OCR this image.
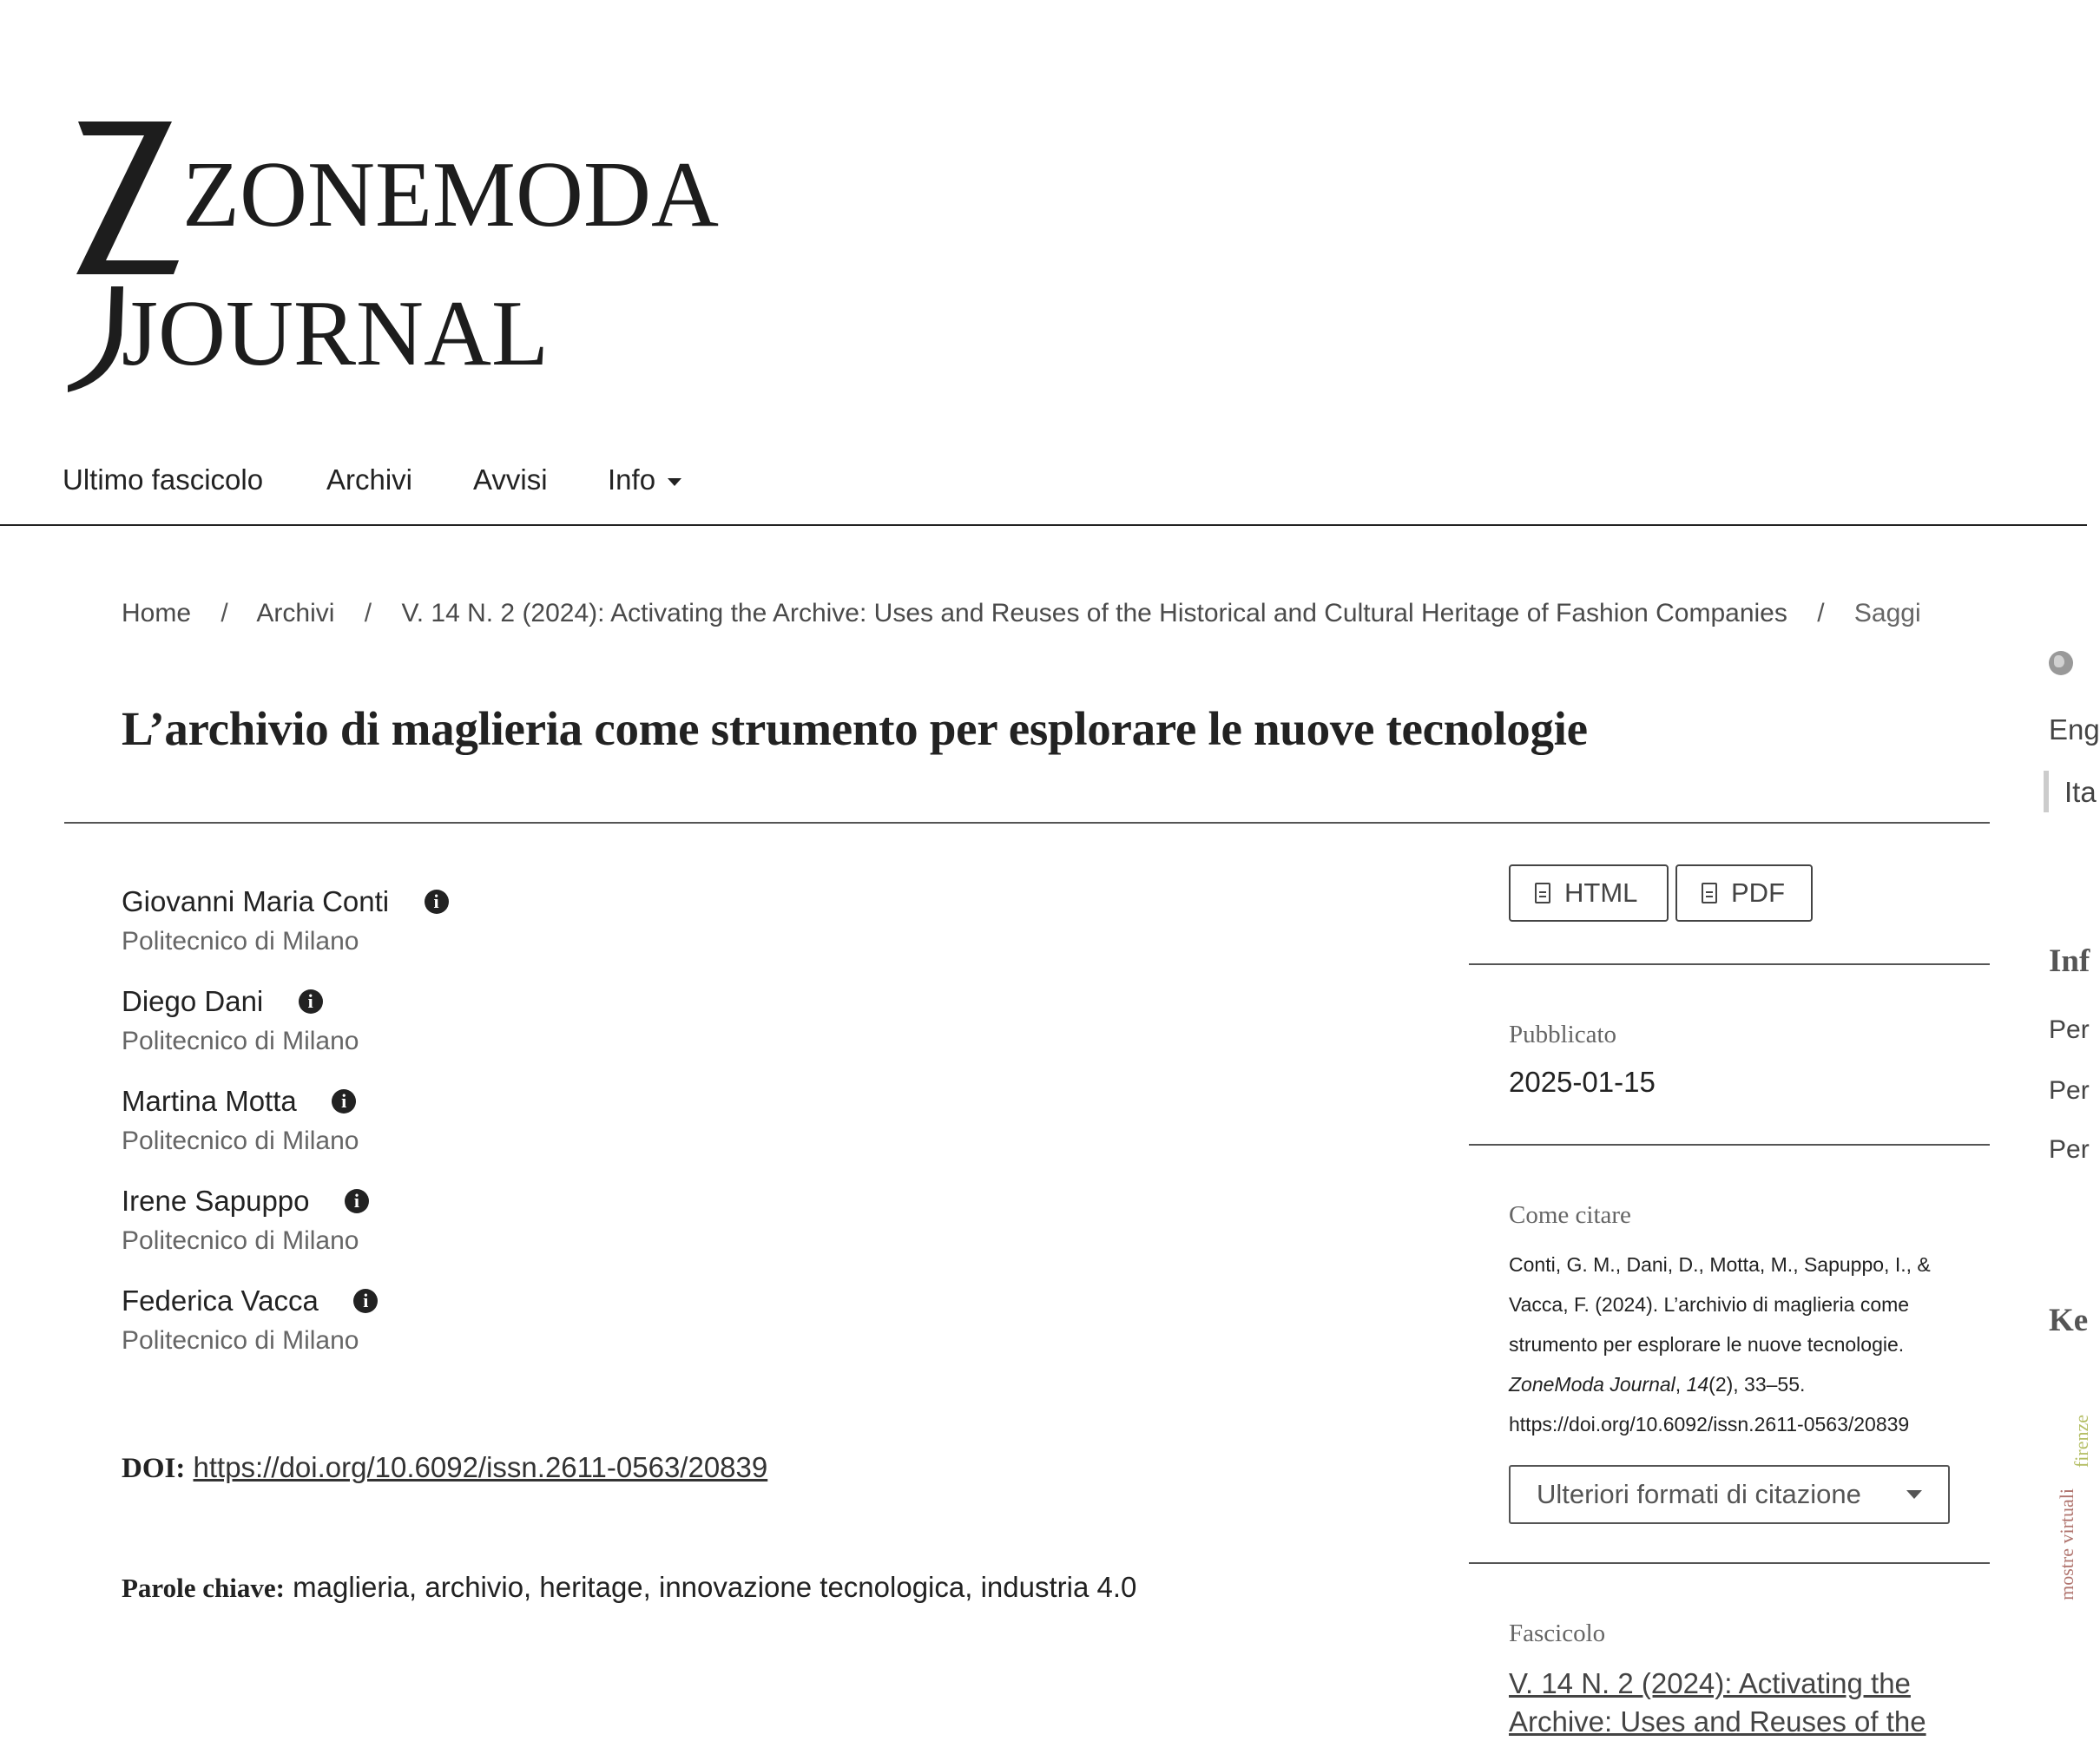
ZONEMODA
JOURNAL
Ultimo fascicolo Archivi Avvisi Info
Home / Archivi / V. 14 N. 2 (2024): Activating the Archive: Uses and Reuses of the Historical and Cultural Heritage of Fashion Companies / Saggi
L’archivio di maglieria come strumento per esplorare le nuove tecnologie
Giovanni Maria Conti i
Politecnico di Milano
Diego Dani i
Politecnico di Milano
Martina Motta i
Politecnico di Milano
Irene Sapuppo i
Politecnico di Milano
Federica Vacca i
Politecnico di Milano
DOI: https://doi.org/10.6092/issn.2611-0563/20839
Parole chiave: maglieria, archivio, heritage, innovazione tecnologica, industria 4.0
HTML	PDF
Pubblicato
2025-01-15
Come citare
Conti, G. M., Dani, D., Motta, M., Sapuppo, I., & Vacca, F. (2024). L’archivio di maglieria come strumento per esplorare le nuove tecnologie. ZoneModa Journal, 14(2), 33–55. https://doi.org/10.6092/issn.2611-0563/20839
Ulteriori formati di citazione
Fascicolo
V. 14 N. 2 (2024): Activating the Archive: Uses and Reuses of the
Eng
Ita
Inf
Per
Per
Per
Ke
firenze
mostre virtuali
